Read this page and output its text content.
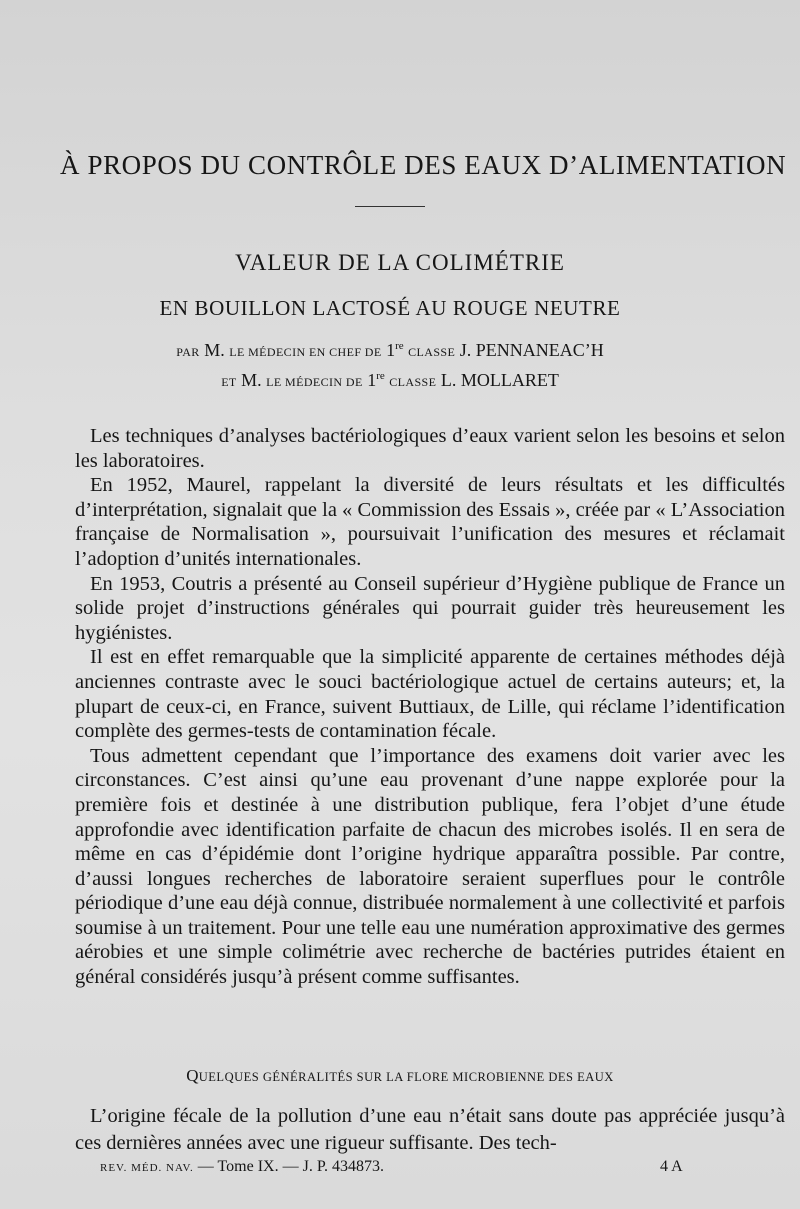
À PROPOS DU CONTRÔLE DES EAUX D’ALIMENTATION
VALEUR DE LA COLIMÉTRIE
EN BOUILLON LACTOSÉ AU ROUGE NEUTRE
PAR M. LE MÉDECIN EN CHEF DE 1re CLASSE J. PENNANEAC’H
ET M. LE MÉDECIN DE 1re CLASSE L. MOLLARET

Les techniques d’analyses bactériologiques d’eaux varient selon les besoins et selon les laboratoires.

En 1952, Maurel, rappelant la diversité de leurs résultats et les difficultés d’interprétation, signalait que la « Commission des Essais », créée par « L’Association française de Normalisation », poursuivait l’unification des mesures et réclamait l’adoption d’unités internationales.

En 1953, Coutris a présenté au Conseil supérieur d’Hygiène publique de France un solide projet d’instructions générales qui pourrait guider très heureusement les hygiénistes.

Il est en effet remarquable que la simplicité apparente de certaines méthodes déjà anciennes contraste avec le souci bactériologique actuel de certains auteurs; et, la plupart de ceux-ci, en France, suivent Buttiaux, de Lille, qui réclame l’identification complète des germes-tests de contamination fécale.

Tous admettent cependant que l’importance des examens doit varier avec les circonstances. C’est ainsi qu’une eau provenant d’une nappe explorée pour la première fois et destinée à une distribution publique, fera l’objet d’une étude approfondie avec identification parfaite de chacun des microbes isolés. Il en sera de même en cas d’épidémie dont l’origine hydrique apparaîtra possible. Par contre, d’aussi longues recherches de laboratoire seraient superflues pour le contrôle périodique d’une eau déjà connue, distribuée normalement à une collectivité et parfois soumise à un traitement. Pour une telle eau une numération approximative des germes aérobies et une simple colimétrie avec recherche de bactéries putrides étaient en général considérés jusqu’à présent comme suffisantes.

QUELQUES GÉNÉRALITÉS SUR LA FLORE MICROBIENNE DES EAUX
L’origine fécale de la pollution d’une eau n’était sans doute pas appréciée jusqu’à ces dernières années avec une rigueur suffisante. Des tech-
REV. MÉD. NAV. — Tome IX. — J. P. 434873.	4 A
